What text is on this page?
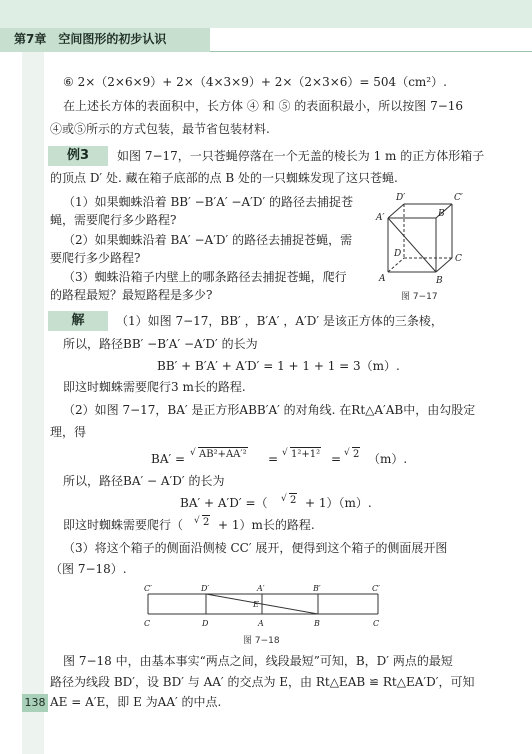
第7章　空间图形的初步认识
138
⑥ 2×（2×6×9）+ 2×（4×3×9）+ 2×（2×3×6）= 504（cm²）.
在上述长方体的表面积中，长方体 ④ 和 ⑤ 的表面积最小，所以按图 7−16
④或⑤所示的方式包装，最节省包装材料.
例3	如图 7−17，一只苍蝇停落在一个无盖的棱长为 1 m 的正方体形箱子
的顶点 D′ 处. 藏在箱子底部的点 B 处的一只蜘蛛发现了这只苍蝇.
（1）如果蜘蛛沿着 BB′ −B′A′ −A′D′ 的路径去捕捉苍
蝇，需要爬行多少路程?
（2）如果蜘蛛沿着 BA′ −A′D′ 的路径去捕捉苍蝇，需
要爬行多少路程?
（3）蜘蛛沿箱子内壁上的哪条路径去捕捉苍蝇，爬行
的路程最短？最短路程是多少?
D′	C′
A′	B′
D	C
A	B
图 7−17
解	（1）如图 7−17，BB′ ，B′A′ ，A′D′ 是该正方体的三条棱，
所以，路径BB′ −B′A′ −A′D′ 的长为
BB′ + B′A′ + A′D′ = 1 + 1 + 1 = 3（m）.
即这时蜘蛛需要爬行3 m长的路程.
（2）如图 7−17，BA′ 是正方形ABB′A′ 的对角线. 在Rt△A′AB中，由勾股定
理，得
BA′ = √ AB²+AA′² = √ 1²+1² = √ 2 （m）.
所以，路径BA′ − A′D′ 的长为
BA′ + A′D′ =（ √ 2 + 1）（m）.
即这时蜘蛛需要爬行（ √ 2 + 1）m长的路程.
（3）将这个箱子的侧面沿侧棱 CC′ 展开，便得到这个箱子的侧面展开图
（图 7−18）.
C′	D′	A′	B′	C′
C	D	A	B	C
E
图 7−18
图 7−18 中，由基本事实“两点之间，线段最短”可知，B，D′ 两点的最短
路径为线段 BD′，设 BD′ 与 AA′ 的交点为 E，由 Rt△EAB ≌ Rt△EA′D′，可知
AE = A′E，即 E 为AA′ 的中点.
